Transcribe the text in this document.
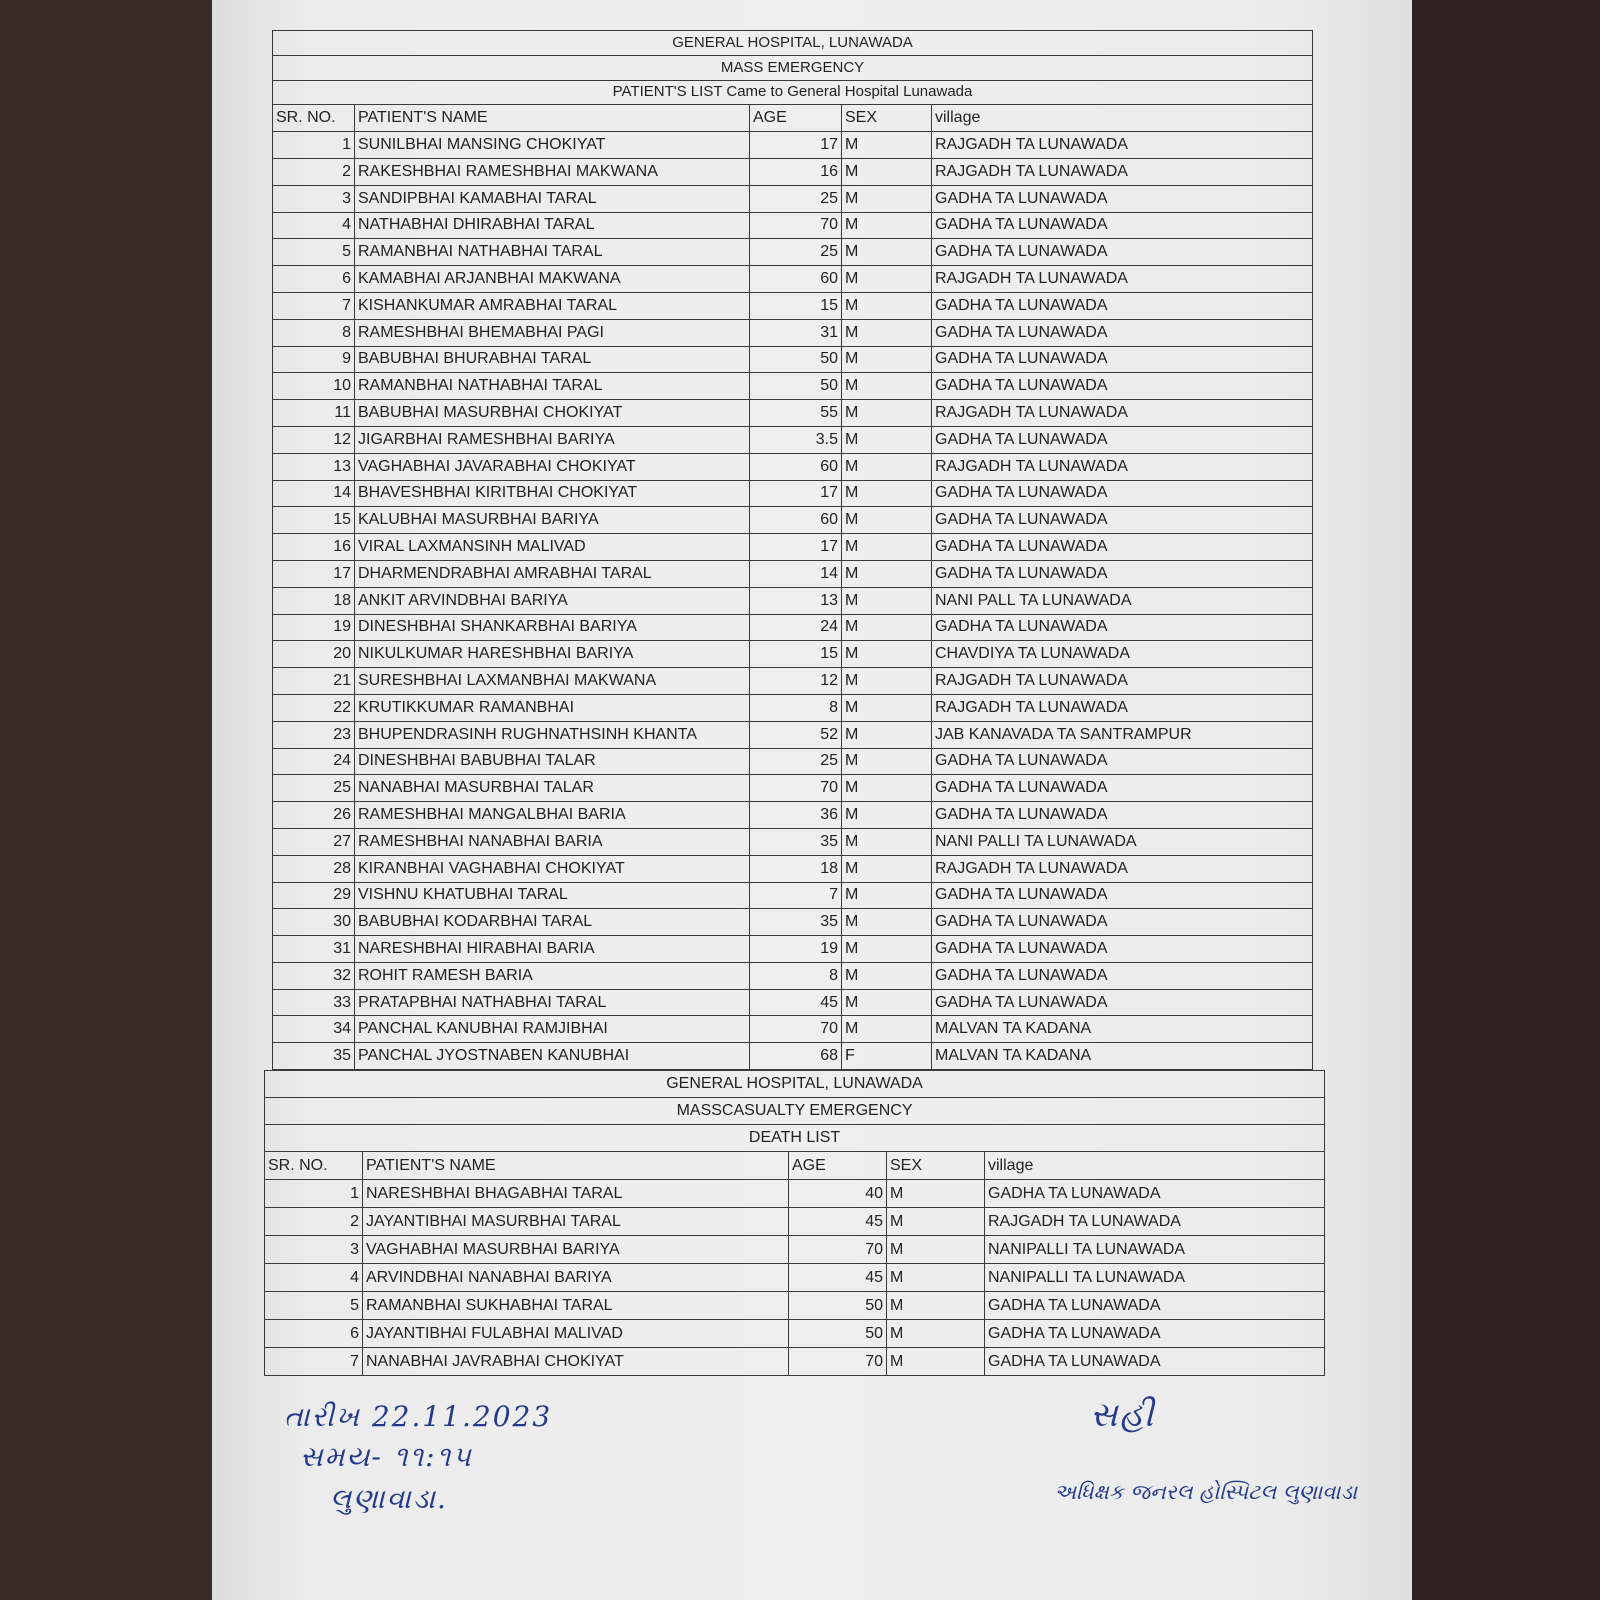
GENERAL HOSPITAL, LUNAWADA				
MASS EMERGENCY				
PATIENT'S LIST Came to General Hospital Lunawada				
SR. NO.	PATIENT'S NAME	AGE	SEX	village
1	SUNILBHAI MANSING CHOKIYAT	17	M	RAJGADH TA LUNAWADA
2	RAKESHBHAI RAMESHBHAI MAKWANA	16	M	RAJGADH TA LUNAWADA
3	SANDIPBHAI KAMABHAI TARAL	25	M	GADHA TA LUNAWADA
4	NATHABHAI DHIRABHAI TARAL	70	M	GADHA TA LUNAWADA
5	RAMANBHAI NATHABHAI TARAL	25	M	GADHA TA LUNAWADA
6	KAMABHAI ARJANBHAI MAKWANA	60	M	RAJGADH TA LUNAWADA
7	KISHANKUMAR AMRABHAI TARAL	15	M	GADHA TA LUNAWADA
8	RAMESHBHAI BHEMABHAI PAGI	31	M	GADHA TA LUNAWADA
9	BABUBHAI BHURABHAI TARAL	50	M	GADHA TA LUNAWADA
10	RAMANBHAI NATHABHAI TARAL	50	M	GADHA TA LUNAWADA
11	BABUBHAI MASURBHAI CHOKIYAT	55	M	RAJGADH TA LUNAWADA
12	JIGARBHAI RAMESHBHAI BARIYA	3.5	M	GADHA TA LUNAWADA
13	VAGHABHAI JAVARABHAI CHOKIYAT	60	M	RAJGADH TA LUNAWADA
14	BHAVESHBHAI KIRITBHAI CHOKIYAT	17	M	GADHA TA LUNAWADA
15	KALUBHAI MASURBHAI BARIYA	60	M	GADHA TA LUNAWADA
16	VIRAL LAXMANSINH MALIVAD	17	M	GADHA TA LUNAWADA
17	DHARMENDRABHAI AMRABHAI TARAL	14	M	GADHA TA LUNAWADA
18	ANKIT ARVINDBHAI BARIYA	13	M	NANI PALL TA LUNAWADA
19	DINESHBHAI SHANKARBHAI BARIYA	24	M	GADHA TA LUNAWADA
20	NIKULKUMAR HARESHBHAI BARIYA	15	M	CHAVDIYA TA LUNAWADA
21	SURESHBHAI LAXMANBHAI MAKWANA	12	M	RAJGADH TA LUNAWADA
22	KRUTIKKUMAR RAMANBHAI	8	M	RAJGADH TA LUNAWADA
23	BHUPENDRASINH RUGHNATHSINH KHANTA	52	M	JAB KANAVADA TA SANTRAMPUR
24	DINESHBHAI BABUBHAI TALAR	25	M	GADHA TA LUNAWADA
25	NANABHAI MASURBHAI TALAR	70	M	GADHA TA LUNAWADA
26	RAMESHBHAI MANGALBHAI BARIA	36	M	GADHA TA LUNAWADA
27	RAMESHBHAI NANABHAI BARIA	35	M	NANI PALLI TA LUNAWADA
28	KIRANBHAI VAGHABHAI CHOKIYAT	18	M	RAJGADH TA LUNAWADA
29	VISHNU KHATUBHAI TARAL	7	M	GADHA TA LUNAWADA
30	BABUBHAI KODARBHAI TARAL	35	M	GADHA TA LUNAWADA
31	NARESHBHAI HIRABHAI BARIA	19	M	GADHA TA LUNAWADA
32	ROHIT RAMESH BARIA	8	M	GADHA TA LUNAWADA
33	PRATAPBHAI NATHABHAI TARAL	45	M	GADHA TA LUNAWADA
34	PANCHAL KANUBHAI RAMJIBHAI	70	M	MALVAN TA KADANA
35	PANCHAL JYOSTNABEN KANUBHAI	68	F	MALVAN TA KADANA
GENERAL HOSPITAL, LUNAWADA				
MASSCASUALTY EMERGENCY				
DEATH LIST				
SR. NO.	PATIENT'S NAME	AGE	SEX	village
1	NARESHBHAI BHAGABHAI TARAL	40	M	GADHA TA LUNAWADA
2	JAYANTIBHAI MASURBHAI TARAL	45	M	RAJGADH TA LUNAWADA
3	VAGHABHAI MASURBHAI BARIYA	70	M	NANIPALLI TA LUNAWADA
4	ARVINDBHAI NANABHAI BARIYA	45	M	NANIPALLI TA LUNAWADA
5	RAMANBHAI SUKHABHAI TARAL	50	M	GADHA TA LUNAWADA
6	JAYANTIBHAI FULABHAI MALIVAD	50	M	GADHA TA LUNAWADA
7	NANABHAI JAVRABHAI CHOKIYAT	70	M	GADHA TA LUNAWADA
તારીખ 22.11.2023
સમય- ૧૧:૧૫
લુણાવાડા.
સહી
અધિક્ષક જનરલ હોસ્પિટલ લુણાવાડા
